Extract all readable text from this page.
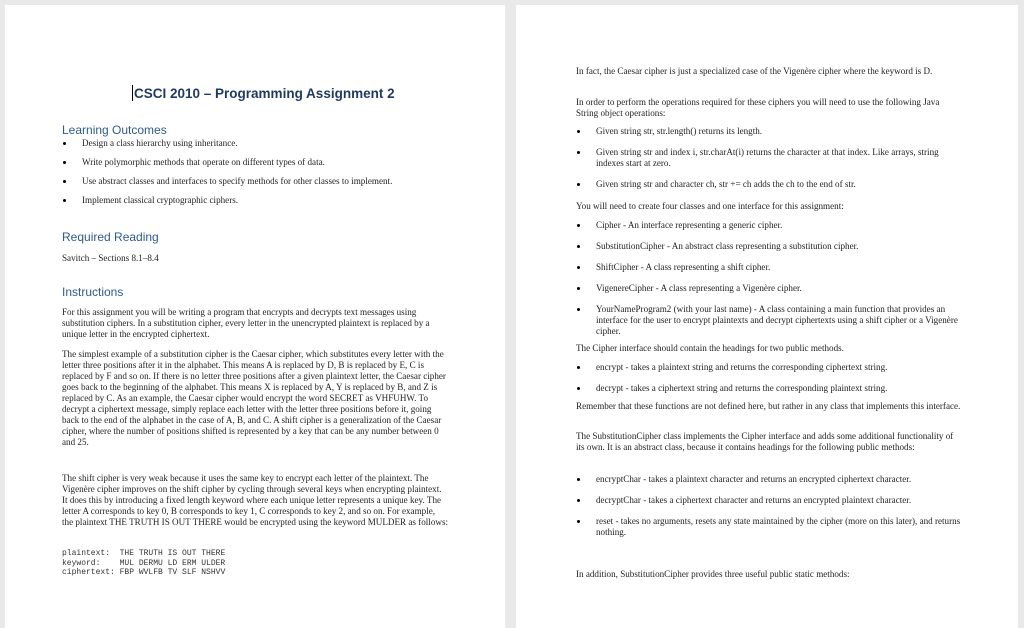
CSCI 2010 – Programming Assignment 2
Learning Outcomes
Design a class hierarchy using inheritance.
Write polymorphic methods that operate on different types of data.
Use abstract classes and interfaces to specify methods for other classes to implement.
Implement classical cryptographic ciphers.
Required Reading

Savitch – Sections 8.1–8.4

Instructions

For this assignment you will be writing a program that encrypts and decrypts text messages using substitution ciphers. In a substitution cipher, every letter in the unencrypted plaintext is replaced by a unique letter in the encrypted ciphertext.

The simplest example of a substitution cipher is the Caesar cipher, which substitutes every letter with the letter three positions after it in the alphabet. This means A is replaced by D, B is replaced by E, C is replaced by F and so on. If there is no letter three positions after a given plaintext letter, the Caesar cipher goes back to the beginning of the alphabet. This means X is replaced by A, Y is replaced by B, and Z is replaced by C. As an example, the Caesar cipher would encrypt the word SECRET as VHFUHW. To decrypt a ciphertext message, simply replace each letter with the letter three positions before it, going back to the end of the alphabet in the case of A, B, and C. A shift cipher is a generalization of the Caesar cipher, where the number of positions shifted is represented by a key that can be any number between 0 and 25.

The shift cipher is very weak because it uses the same key to encrypt each letter of the plaintext. The Vigenère cipher improves on the shift cipher by cycling through several keys when encrypting plaintext. It does this by introducing a fixed length keyword where each unique letter represents a unique key. The letter A corresponds to key 0, B corresponds to key 1, C corresponds to key 2, and so on. For example, the plaintext THE TRUTH IS OUT THERE would be encrypted using the keyword MULDER as follows:

plaintext: THE TRUTH IS OUT THERE
keyword: MUL DERMU LD ERM ULDER
ciphertext: FBP WVLFB TV SLF NSHVV

In fact, the Caesar cipher is just a specialized case of the Vigenère cipher where the keyword is D.

In order to perform the operations required for these ciphers you will need to use the following Java String object operations:

Given string str, str.length() returns its length.
Given string str and index i, str.charAt(i) returns the character at that index. Like arrays, string indexes start at zero.
Given string str and character ch, str += ch adds the ch to the end of str.

You will need to create four classes and one interface for this assignment:

Cipher - An interface representing a generic cipher.
SubstitutionCipher - An abstract class representing a substitution cipher.
ShiftCipher - A class representing a shift cipher.
VigenereCipher - A class representing a Vigenère cipher.
YourNameProgram2 (with your last name) - A class containing a main function that provides an interface for the user to encrypt plaintexts and decrypt ciphertexts using a shift cipher or a Vigenère cipher.

The Cipher interface should contain the headings for two public methods.

encrypt - takes a plaintext string and returns the corresponding ciphertext string.
decrypt - takes a ciphertext string and returns the corresponding plaintext string.

Remember that these functions are not defined here, but rather in any class that implements this interface.

The SubstitutionCipher class implements the Cipher interface and adds some additional functionality of its own. It is an abstract class, because it contains headings for the following public methods:

encryptChar - takes a plaintext character and returns an encrypted ciphertext character.
decryptChar - takes a ciphertext character and returns an encrypted plaintext character.
reset - takes no arguments, resets any state maintained by the cipher (more on this later), and returns nothing.

In addition, SubstitutionCipher provides three useful public static methods:
